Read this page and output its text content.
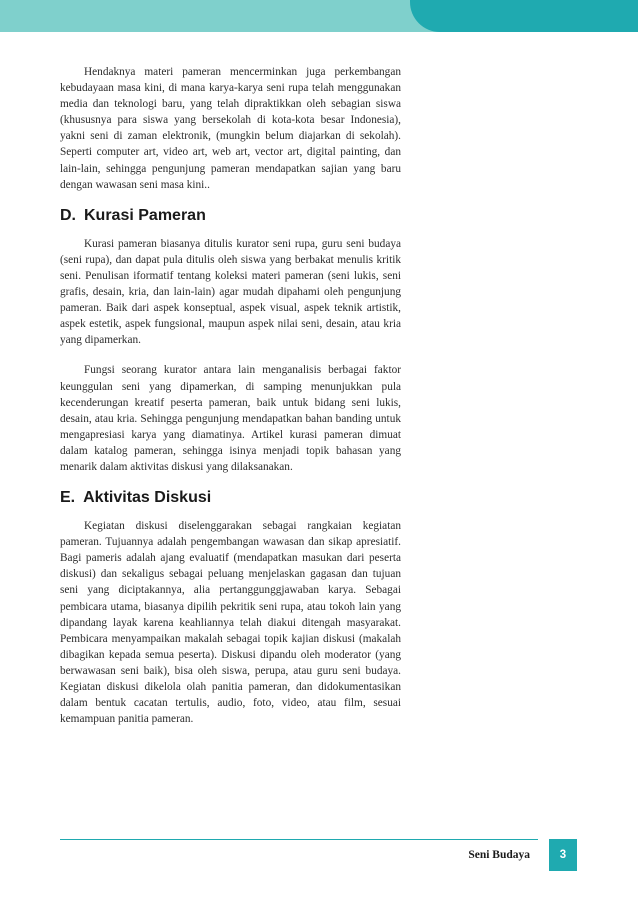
Hendaknya materi pameran mencerminkan juga perkembangan kebudayaan masa kini, di mana karya-karya seni rupa telah menggunakan media dan teknologi baru, yang telah dipraktikkan oleh sebagian siswa (khususnya para siswa yang bersekolah di kota-kota besar Indonesia), yakni seni di zaman elektronik, (mungkin belum diajarkan di sekolah). Seperti computer art, video art, web art, vector art, digital painting, dan lain-lain, sehingga pengunjung pameran mendapatkan sajian yang baru dengan wawasan seni masa kini..

D. Kurasi Pameran

Kurasi pameran biasanya ditulis kurator seni rupa, guru seni budaya (seni rupa), dan dapat pula ditulis oleh siswa yang berbakat menulis kritik seni. Penulisan iformatif tentang koleksi materi pameran (seni lukis, seni grafis, desain, kria, dan lain-lain) agar mudah dipahami oleh pengunjung pameran. Baik dari aspek konseptual, aspek visual, aspek teknik artistik, aspek estetik, aspek fungsional, maupun aspek nilai seni, desain, atau kria yang dipamerkan.

Fungsi seorang kurator antara lain menganalisis berbagai faktor keunggulan seni yang dipamerkan, di samping menunjukkan pula kecenderungan kreatif peserta pameran, baik untuk bidang seni lukis, desain, atau kria. Sehingga pengunjung mendapatkan bahan banding untuk mengapresiasi karya yang diamatinya. Artikel kurasi pameran dimuat dalam katalog pameran, sehingga isinya menjadi topik bahasan yang menarik dalam aktivitas diskusi yang dilaksanakan.

E. Aktivitas Diskusi

Kegiatan diskusi diselenggarakan sebagai rangkaian kegiatan pameran. Tujuannya adalah pengembangan wawasan dan sikap apresiatif. Bagi pameris adalah ajang evaluatif (mendapatkan masukan dari peserta diskusi) dan sekaligus sebagai peluang menjelaskan gagasan dan tujuan seni yang diciptakannya, alia pertanggunggjawaban karya. Sebagai pembicara utama, biasanya dipilih pekritik seni rupa, atau tokoh lain yang dipandang layak karena keahliannya telah diakui ditengah masyarakat. Pembicara menyampaikan makalah sebagai topik kajian diskusi (makalah dibagikan kepada semua peserta). Diskusi dipandu oleh moderator (yang berwawasan seni baik), bisa oleh siswa, perupa, atau guru seni budaya. Kegiatan diskusi dikelola olah panitia pameran, dan didokumentasikan dalam bentuk cacatan tertulis, audio, foto, video, atau film, sesuai kemampuan panitia pameran.

Seni Budaya	3
